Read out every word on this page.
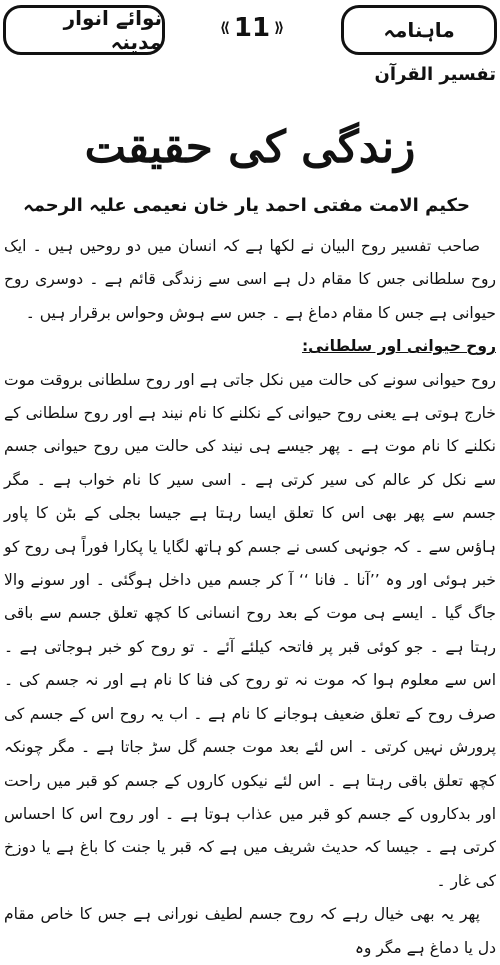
نوائے انوار مدینہ
⟪ 11 ⟫	ماہنامہ
تفسیر القرآن
زندگی کی حقیقت
حکیم الامت مفتی احمد یار خان نعیمی علیہ الرحمہ

صاحب تفسیر روح البیان نے لکھا ہے کہ انسان میں دو روحیں ہیں ۔ ایک روح سلطانی جس کا مقام دل ہے اسی سے زندگی قائم ہے ۔ دوسری روح حیوانی ہے جس کا مقام دماغ ہے ۔ جس سے ہوش وحواس برقرار ہیں ۔

روح حیوانی اور سلطانی:

روح حیوانی سونے کی حالت میں نکل جاتی ہے اور روح سلطانی بروقت موت خارج ہوتی ہے یعنی روح حیوانی کے نکلنے کا نام نیند ہے اور روح سلطانی کے نکلنے کا نام موت ہے ۔ پھر جیسے ہی نیند کی حالت میں روح حیوانی جسم سے نکل کر عالم کی سیر کرتی ہے ۔ اسی سیر کا نام خواب ہے ۔ مگر جسم سے پھر بھی اس کا تعلق ایسا رہتا ہے جیسا بجلی کے بٹن کا پاور ہاؤس سے ۔ کہ جونہی کسی نے جسم کو ہاتھ لگایا یا پکارا فوراً ہی روح کو خبر ہوئی اور وہ ’’آنا ۔ فانا ‘‘ آ کر جسم میں داخل ہوگئی ۔ اور سونے والا جاگ گیا ۔ ایسے ہی موت کے بعد روح انسانی کا کچھ تعلق جسم سے باقی رہتا ہے ۔ جو کوئی قبر پر فاتحہ کیلئے آئے ۔ تو روح کو خبر ہوجاتی ہے ۔ اس سے معلوم ہوا کہ موت نہ تو روح کی فنا کا نام ہے اور نہ جسم کی ۔ صرف روح کے تعلق ضعیف ہوجانے کا نام ہے ۔ اب یہ روح اس کے جسم کی پرورش نہیں کرتی ۔ اس لئے بعد موت جسم گل سڑ جاتا ہے ۔ مگر چونکہ کچھ تعلق باقی رہتا ہے ۔ اس لئے نیکوں کاروں کے جسم کو قبر میں راحت اور بدکاروں کے جسم کو قبر میں عذاب ہوتا ہے ۔ اور روح اس کا احساس کرتی ہے ۔ جیسا کہ حدیث شریف میں ہے کہ قبر یا جنت کا باغ ہے یا دوزخ کی غار ۔

پھر یہ بھی خیال رہے کہ روح جسم لطیف نورانی ہے جس کا خاص مقام دل یا دماغ ہے مگر وہ
